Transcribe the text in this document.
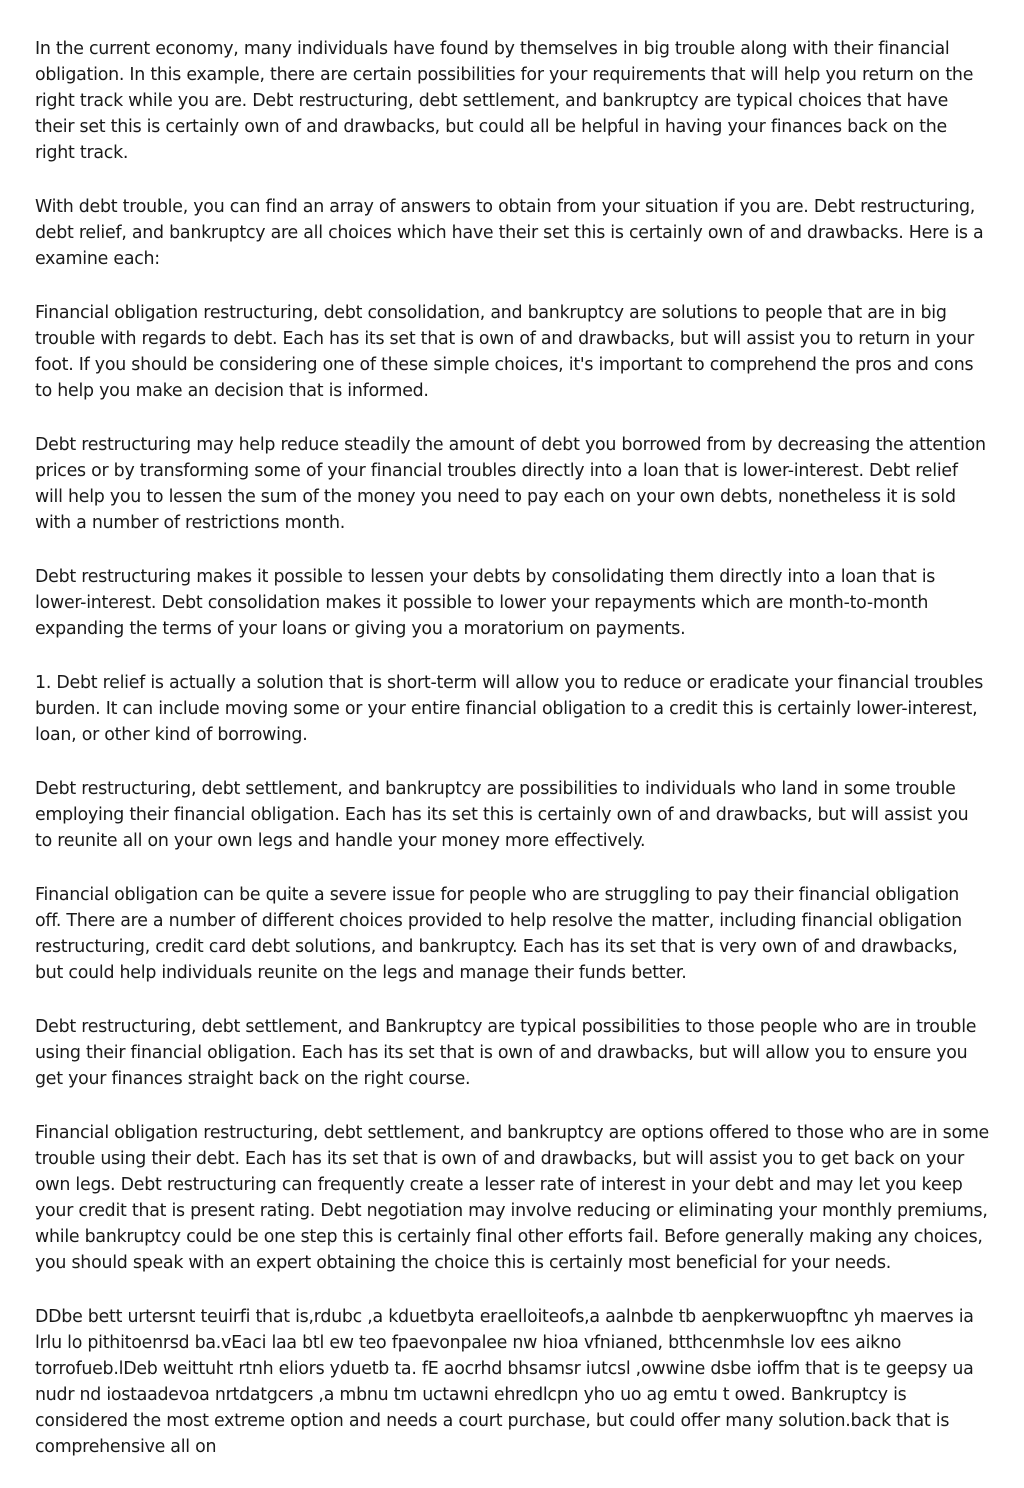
In the current economy, many individuals have found by themselves in big trouble along with their financial obligation. In this example, there are certain possibilities for your requirements that will help you return on the right track while you are. Debt restructuring, debt settlement, and bankruptcy are typical choices that have their set this is certainly own of and drawbacks, but could all be helpful in having your finances back on the right track.

With debt trouble, you can find an array of answers to obtain from your situation if you are. Debt restructuring, debt relief, and bankruptcy are all choices which have their set this is certainly own of and drawbacks. Here is a examine each:

Financial obligation restructuring, debt consolidation, and bankruptcy are solutions to people that are in big trouble with regards to debt. Each has its set that is own of and drawbacks, but will assist you to return in your foot. If you should be considering one of these simple choices, it's important to comprehend the pros and cons to help you make an decision that is informed.

Debt restructuring may help reduce steadily the amount of debt you borrowed from by decreasing the attention prices or by transforming some of your financial troubles directly into a loan that is lower-interest. Debt relief will help you to lessen the sum of the money you need to pay each on your own debts, nonetheless it is sold with a number of restrictions month.

Debt restructuring makes it possible to lessen your debts by consolidating them directly into a loan that is lower-interest. Debt consolidation makes it possible to lower your repayments which are month-to-month expanding the terms of your loans or giving you a moratorium on payments.

1. Debt relief is actually a solution that is short-term will allow you to reduce or eradicate your financial troubles burden. It can include moving some or your entire financial obligation to a credit this is certainly lower-interest, loan, or other kind of borrowing.

Debt restructuring, debt settlement, and bankruptcy are possibilities to individuals who land in some trouble employing their financial obligation. Each has its set this is certainly own of and drawbacks, but will assist you to reunite all on your own legs and handle your money more effectively.

Financial obligation can be quite a severe issue for people who are struggling to pay their financial obligation off. There are a number of different choices provided to help resolve the matter, including financial obligation restructuring, credit card debt solutions, and bankruptcy. Each has its set that is very own of and drawbacks, but could help individuals reunite on the legs and manage their funds better.

Debt restructuring, debt settlement, and Bankruptcy are typical possibilities to those people who are in trouble using their financial obligation. Each has its set that is own of and drawbacks, but will allow you to ensure you get your finances straight back on the right course.

Financial obligation restructuring, debt settlement, and bankruptcy are options offered to those who are in some trouble using their debt. Each has its set that is own of and drawbacks, but will assist you to get back on your own legs. Debt restructuring can frequently create a lesser rate of interest in your debt and may let you keep your credit that is present rating. Debt negotiation may involve reducing or eliminating your monthly premiums, while bankruptcy could be one step this is certainly final other efforts fail. Before generally making any choices, you should speak with an expert obtaining the choice this is certainly most beneficial for your needs.

DDbe bett urtersnt teuirfi that is,rdubc ,a kduetbyta eraelloiteofs,a aalnbde tb aenpkerwuopftnc yh maerves ia lrlu lo pithitoenrsd ba.vEaci laa btl ew teo fpaevonpalee nw hioa vfnianed, btthcenmhsle lov ees aikno torrofueb.lDeb weittuht rtnh eliors yduetb ta. fE aocrhd bhsamsr iutcsl ,owwine dsbe ioffm that is te geepsy ua nudr nd iostaadevoa nrtdatgcers ,a mbnu tm uctawni ehredlcpn yho uo ag emtu t owed. Bankruptcy is considered the most extreme option and needs a court purchase, but could offer many solution.back that is comprehensive all on
